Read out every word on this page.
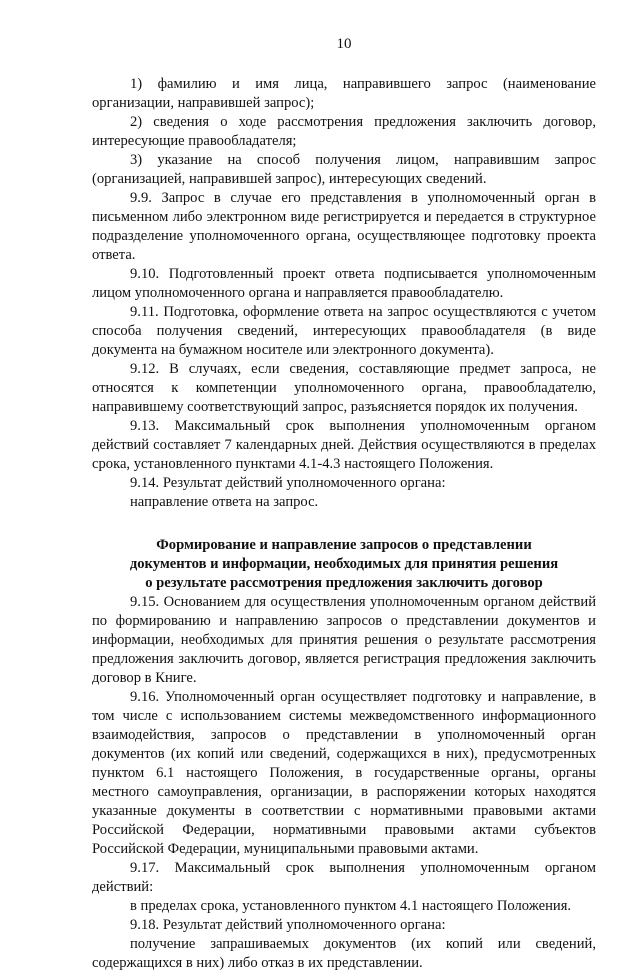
10

1) фамилию и имя лица, направившего запрос (наименование организации, направившей запрос);

2) сведения о ходе рассмотрения предложения заключить договор, интересующие правообладателя;

3) указание на способ получения лицом, направившим запрос (организацией, направившей запрос), интересующих сведений.

9.9. Запрос в случае его представления в уполномоченный орган в письменном либо электронном виде регистрируется и передается в структурное подразделение уполномоченного органа, осуществляющее подготовку проекта ответа.

9.10. Подготовленный проект ответа подписывается уполномоченным лицом уполномоченного органа и направляется правообладателю.

9.11. Подготовка, оформление ответа на запрос осуществляются с учетом способа получения сведений, интересующих правообладателя (в виде документа на бумажном носителе или электронного документа).

9.12. В случаях, если сведения, составляющие предмет запроса, не относятся к компетенции уполномоченного органа, правообладателю, направившему соответствующий запрос, разъясняется порядок их получения.

9.13. Максимальный срок выполнения уполномоченным органом действий составляет 7 календарных дней. Действия осуществляются в пределах срока, установленного пунктами 4.1-4.3 настоящего Положения.

9.14. Результат действий уполномоченного органа:

направление ответа на запрос.

Формирование и направление запросов о представлении
документов и информации, необходимых для принятия решения
о результате рассмотрения предложения заключить договор

9.15. Основанием для осуществления уполномоченным органом действий по формированию и направлению запросов о представлении документов и информации, необходимых для принятия решения о результате рассмотрения предложения заключить договор, является регистрация предложения заключить договор в Книге.

9.16. Уполномоченный орган осуществляет подготовку и направление, в том числе с использованием системы межведомственного информационного взаимодействия, запросов о представлении в уполномоченный орган документов (их копий или сведений, содержащихся в них), предусмотренных пунктом 6.1 настоящего Положения, в государственные органы, органы местного самоуправления, организации, в распоряжении которых находятся указанные документы в соответствии с нормативными правовыми актами Российской Федерации, нормативными правовыми актами субъектов Российской Федерации, муниципальными правовыми актами.

9.17. Максимальный срок выполнения уполномоченным органом действий:

в пределах срока, установленного пунктом 4.1 настоящего Положения.

9.18. Результат действий уполномоченного органа:

получение запрашиваемых документов (их копий или сведений, содержащихся в них) либо отказ в их представлении.
